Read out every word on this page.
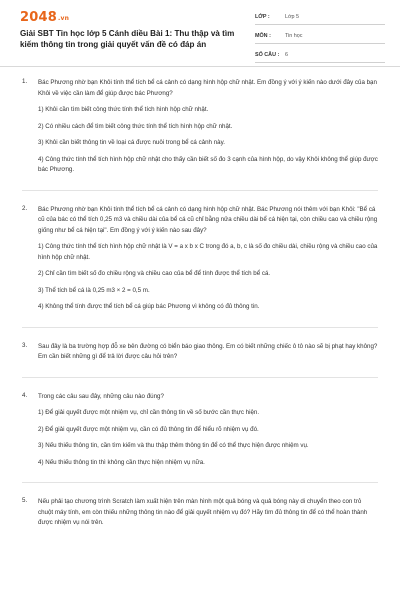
2048.vn
Giải SBT Tin học lớp 5 Cánh diều Bài 1: Thu thập và tìm kiếm thông tin trong giải quyết vấn đề có đáp án
LỚP :	Lớp 5
MÔN :	Tin học
SỐ CÂU :	6
1. Bác Phương nhờ bạn Khôi tính thể tích bể cá cảnh có dạng hình hộp chữ nhật. Em đồng ý với ý kiến nào dưới đây của bạn Khôi về việc cần làm để giúp được bác Phương?
1) Khôi cần tìm biết công thức tính thể tích hình hộp chữ nhật.
2) Có nhiều cách để tìm biết công thức tính thể tích hình hộp chữ nhật.
3) Khôi cần biết thông tin về loại cá được nuôi trong bể cá cảnh này.
4) Công thức tính thể tích hình hộp chữ nhật cho thấy cần biết số đo 3 cạnh của hình hộp, do vậy Khôi không thể giúp được bác Phương.
2. Bác Phương nhờ bạn Khôi tính thể tích bể cá cảnh có dạng hình hộp chữ nhật. Bác Phương nói thêm với bạn Khôi: "Bể cá cũ của bác có thể tích 0,25 m3 và chiều dài của bể cá cũ chỉ bằng nửa chiều dài bể cá hiện tại, còn chiều cao và chiều rộng giống như bể cá hiện tại". Em đồng ý với ý kiến nào sau đây?
1) Công thức tính thể tích hình hộp chữ nhật là V = a x b x C trong đó a, b, c là số đo chiều dài, chiều rộng và chiều cao của hình hộp chữ nhật.
2) Chỉ cần tìm biết số đo chiều rộng và chiều cao của bể để tính được thể tích bể cá.
3) Thể tích bể cá là 0,25 m3 × 2 = 0,5 m.
4) Không thể tính được thể tích bể cá giúp bác Phương vì không có đủ thông tin.
3. Sau đây là ba trường hợp đỗ xe bên đường có biển báo giao thông. Em có biết những chiếc ô tô nào sẽ bị phạt hay không? Em cần biết những gì để trả lời được câu hỏi trên?
4. Trong các câu sau đây, những câu nào đúng?
1) Để giải quyết được một nhiệm vụ, chỉ cần thông tin về số bước cần thực hiện.
2) Để giải quyết được một nhiệm vụ, cần có đủ thông tin để hiểu rõ nhiệm vụ đó.
3) Nếu thiếu thông tin, cần tìm kiếm và thu thập thêm thông tin để có thể thực hiện được nhiệm vụ.
4) Nếu thiếu thông tin thì không cần thực hiện nhiệm vụ nữa.
5. Nếu phải tạo chương trình Scratch làm xuất hiện trên màn hình một quả bóng và quả bóng này di chuyển theo con trỏ chuột máy tính, em còn thiếu những thông tin nào để giải quyết nhiệm vụ đó? Hãy tìm đủ thông tin để có thể hoàn thành được nhiệm vụ nói trên.
